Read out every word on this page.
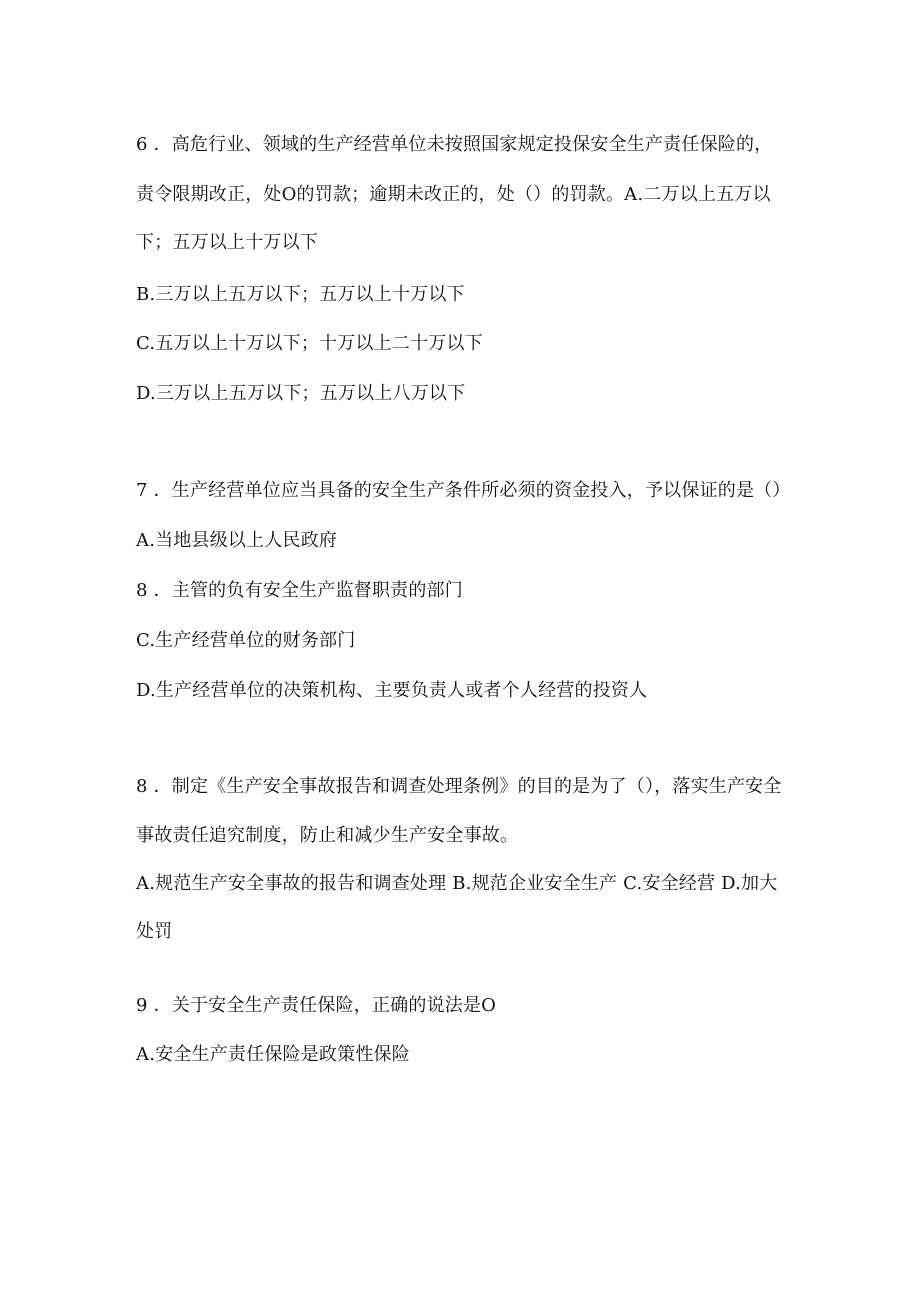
6 ．高危行业、领域的生产经营单位未按照国家规定投保安全生产责任保险的，
责令限期改正，处O的罚款；逾期未改正的，处（）的罚款。A.二万以上五万以
下；五万以上十万以下
B.三万以上五万以下；五万以上十万以下
C.五万以上十万以下；十万以上二十万以下
D.三万以上五万以下；五万以上八万以下
7 ．生产经营单位应当具备的安全生产条件所必须的资金投入，予以保证的是（）
A.当地县级以上人民政府
8 ．主管的负有安全生产监督职责的部门
C.生产经营单位的财务部门
D.生产经营单位的决策机构、主要负责人或者个人经营的投资人
8 ．制定《生产安全事故报告和调查处理条例》的目的是为了（），落实生产安全
事故责任追究制度，防止和减少生产安全事故。
A.规范生产安全事故的报告和调查处理 B.规范企业安全生产 C.安全经营 D.加大
处罚
9 ．关于安全生产责任保险，正确的说法是O
A.安全生产责任保险是政策性保险
